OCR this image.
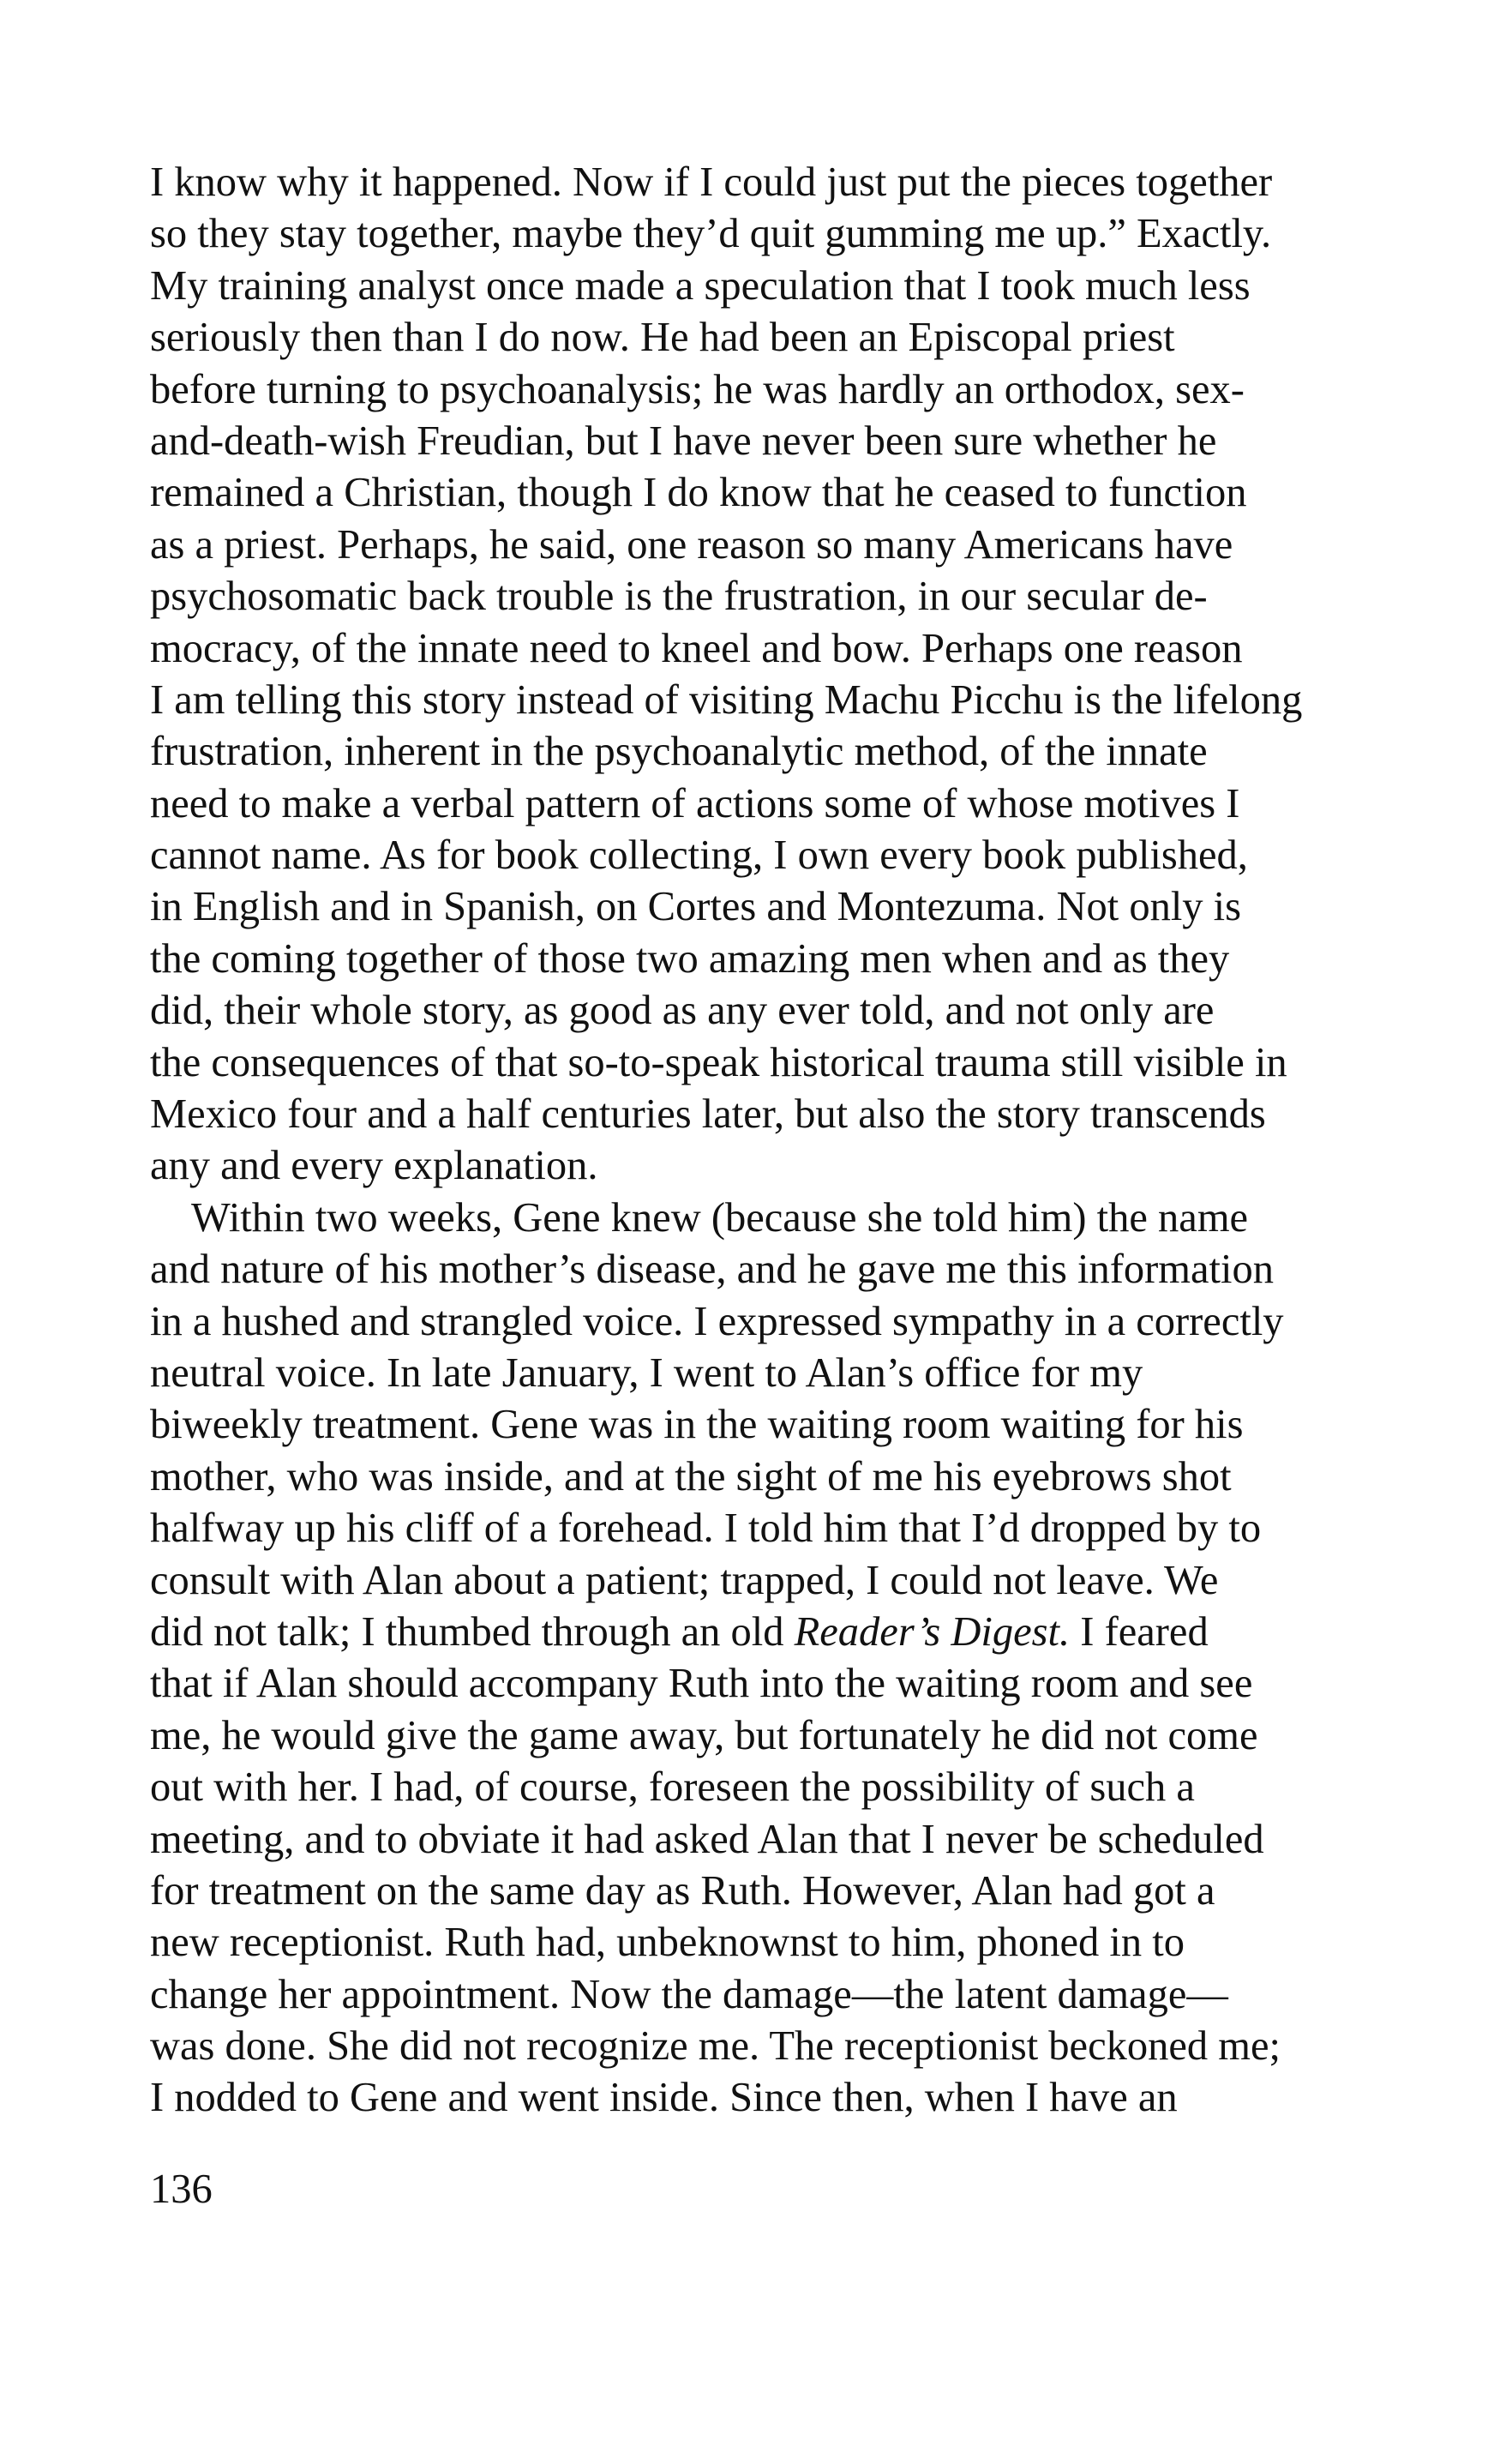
I know why it happened. Now if I could just put the pieces together
so they stay together, maybe they’d quit gumming me up.” Exactly.
My training analyst once made a speculation that I took much less
seriously then than I do now. He had been an Episcopal priest
before turning to psychoanalysis; he was hardly an orthodox, sex-
and-death-wish Freudian, but I have never been sure whether he
remained a Christian, though I do know that he ceased to function
as a priest. Perhaps, he said, one reason so many Americans have
psychosomatic back trouble is the frustration, in our secular de-
mocracy, of the innate need to kneel and bow. Perhaps one reason
I am telling this story instead of visiting Machu Picchu is the lifelong
frustration, inherent in the psychoanalytic method, of the innate
need to make a verbal pattern of actions some of whose motives I
cannot name. As for book collecting, I own every book published,
in English and in Spanish, on Cortes and Montezuma. Not only is
the coming together of those two amazing men when and as they
did, their whole story, as good as any ever told, and not only are
the consequences of that so-to-speak historical trauma still visible in
Mexico four and a half centuries later, but also the story transcends
any and every explanation.
Within two weeks, Gene knew (because she told him) the name
and nature of his mother’s disease, and he gave me this information
in a hushed and strangled voice. I expressed sympathy in a correctly
neutral voice. In late January, I went to Alan’s office for my
biweekly treatment. Gene was in the waiting room waiting for his
mother, who was inside, and at the sight of me his eyebrows shot
halfway up his cliff of a forehead. I told him that I’d dropped by to
consult with Alan about a patient; trapped, I could not leave. We
did not talk; I thumbed through an old Reader’s Digest. I feared
that if Alan should accompany Ruth into the waiting room and see
me, he would give the game away, but fortunately he did not come
out with her. I had, of course, foreseen the possibility of such a
meeting, and to obviate it had asked Alan that I never be scheduled
for treatment on the same day as Ruth. However, Alan had got a
new receptionist. Ruth had, unbeknownst to him, phoned in to
change her appointment. Now the damage—the latent damage—
was done. She did not recognize me. The receptionist beckoned me;
I nodded to Gene and went inside. Since then, when I have an
136
